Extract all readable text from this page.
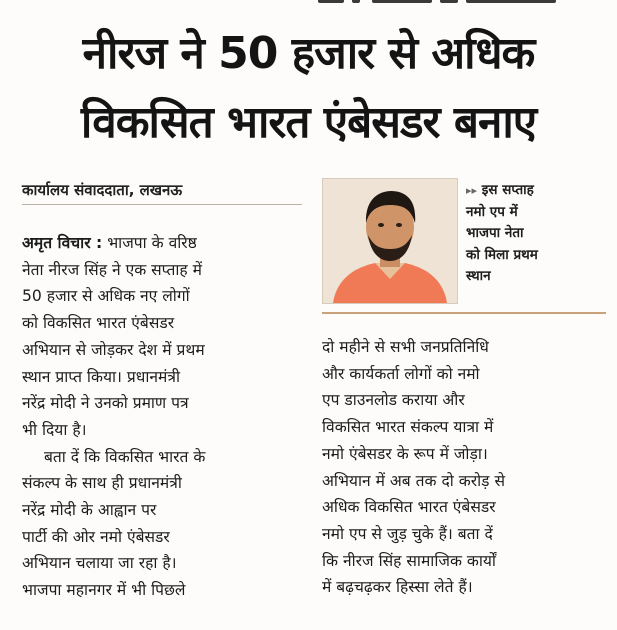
नीरज ने 50 हजार से अधिक
विकसित भारत एंबेसडर बनाए
कार्यालय संवाददाता, लखनऊ	▸▸ इस सप्ताह
नमो एप में
भाजपा नेता
को मिला प्रथम
स्थान

अमृत विचार : भाजपा के वरिष्ठ

नेता नीरज सिंह ने एक सप्ताह में

50 हजार से अधिक नए लोगों

को विकसित भारत एंबेसडर

अभियान से जोड़कर देश में प्रथम

स्थान प्राप्त किया। प्रधानमंत्री

नरेंद्र मोदी ने उनको प्रमाण पत्र

भी दिया है।

बता दें कि विकसित भारत के

संकल्प के साथ ही प्रधानमंत्री

नरेंद्र मोदी के आह्वान पर

पार्टी की ओर नमो एंबेसडर

अभियान चलाया जा रहा है।

भाजपा महानगर में भी पिछले

दो महीने से सभी जनप्रतिनिधि

और कार्यकर्ता लोगों को नमो

एप डाउनलोड कराया और

विकसित भारत संकल्प यात्रा में

नमो एंबेसडर के रूप में जोड़ा।

अभियान में अब तक दो करोड़ से

अधिक विकसित भारत एंबेसडर

नमो एप से जुड़ चुके हैं। बता दें

कि नीरज सिंह सामाजिक कार्यों

में बढ़चढ़कर हिस्सा लेते हैं।
